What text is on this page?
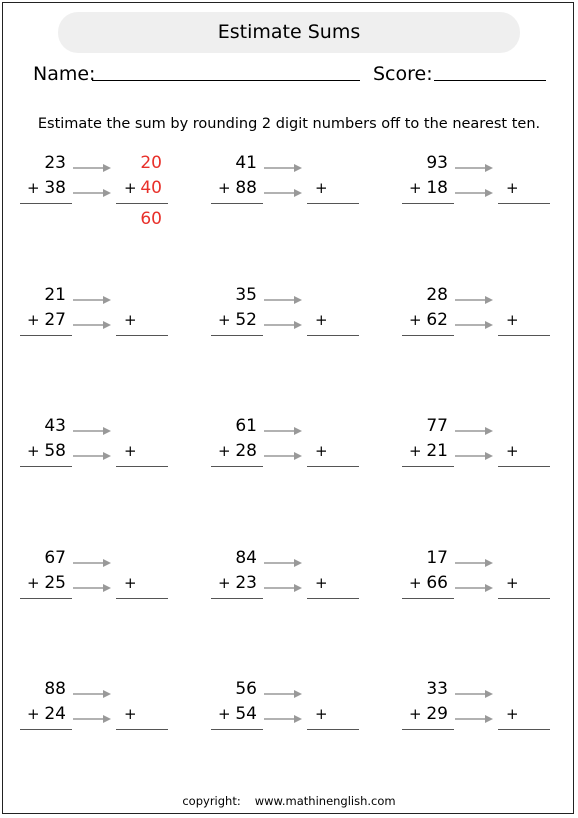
Estimate Sums
Name:	Score:
Estimate the sum by rounding 2 digit numbers off to the nearest ten.
23
+ 38	+
20
40
60
41
+ 88	+
93
+ 18	+
21
+ 27	+
35
+ 52	+
28
+ 62	+
43
+ 58	+
61
+ 28	+
77
+ 21	+
67
+ 25	+
84
+ 23	+
17
+ 66	+
88
+ 24	+
56
+ 54	+
33
+ 29	+
copyright: www.mathinenglish.com
